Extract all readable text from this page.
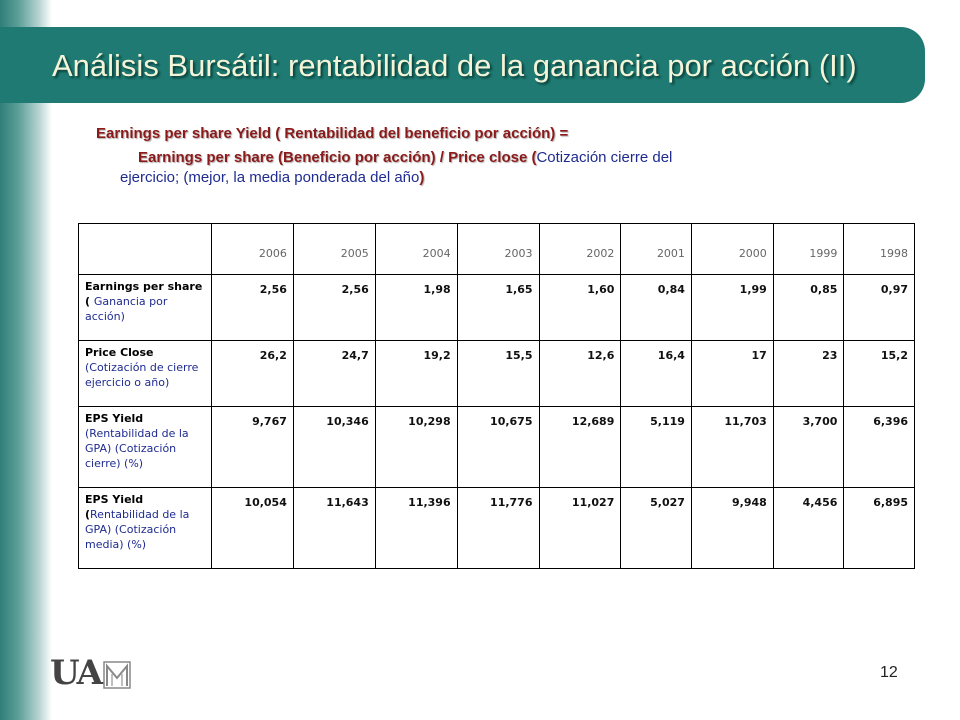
Análisis Bursátil: rentabilidad de la ganancia por acción (II)
Earnings per share Yield ( Rentabilidad del beneficio por acción) =
Earnings per share (Beneficio por acción) / Price close (Cotización cierre del
ejercicio; (mejor, la media ponderada del año)
	2006	2005	2004	2003	2002	2001	2000	1999	1998
Earnings per share ( Ganancia por acción)	2,56	2,56	1,98	1,65	1,60	0,84	1,99	0,85	0,97
Price Close (Cotización de cierre ejercicio o año)	26,2	24,7	19,2	15,5	12,6	16,4	17	23	15,2
EPS Yield (Rentabilidad de la GPA) (Cotización cierre) (%)	9,767	10,346	10,298	10,675	12,689	5,119	11,703	3,700	6,396
EPS Yield (Rentabilidad de la GPA) (Cotización media) (%)	10,054	11,643	11,396	11,776	11,027	5,027	9,948	4,456	6,895
UA	12
